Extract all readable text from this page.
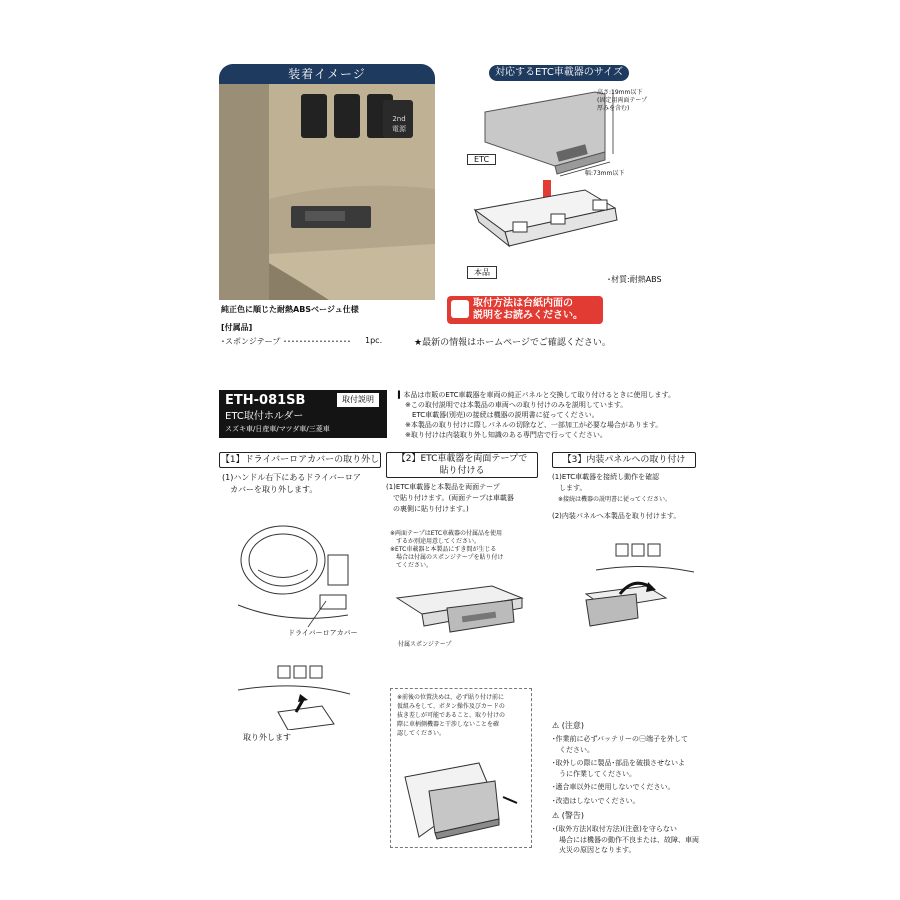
装着イメージ
2nd
電源
純正色に順じた耐熱ABSベージュ仕様
[付属品]
･スポンジテープ ･････････････････ 1pc.
対応するETC車載器のサイズ
高さ:19mm以下
(固定用両面テープ
厚みを含む)
幅:73mm以下
ETC
本品
･材質:耐熱ABS
取付方法は台紙内面の
説明をお読みください。
★最新の情報はホームページでご確認ください。
ETH-081SB	取付説明
ETC取付ホルダー
スズキ車/日産車/マツダ車/三菱車
▍本品は市販のETC車載器を車両の純正パネルと交換して取り付けるときに使用します。
　※この取付説明では本製品の車両への取り付けのみを説明しています。
　　ETC車載器(別売)の接続は機器の説明書に従ってください。
　※本製品の取り付けに際しパネルの切除など、一部加工が必要な場合があります。
　※取り付けは内装取り外し知識のある専門店で行ってください。
【1】ドライバーロアカバーの取り外し
(1)ハンドル右下にあるドライバーロア
　カバーを取り外します。
ドライバーロアカバー
取り外します
【2】ETC車載器を両面テープで
貼り付ける
(1)ETC車載器と本製品を両面テープ
　で貼り付けます。(両面テープは車載器
　の裏側に貼り付けます。)
※両面テープはETC車載器の付属品を使用
　するか別途用意してください。
※ETC車載器と本製品にすき間が生じる
　場合は付属のスポンジテープを貼り付け
　てください。
付属スポンジテープ
※前後の位置決めは、必ず貼り付け前に
仮組みをして、ボタン操作及びカードの
抜き差しが可能であること、取り付けの
際に車柄側機器と干渉しないことを確
認してください。
【3】内装パネルへの取り付け
(1)ETC車載器を接続し動作を確認
　します。
　※接続は機器の説明書に従ってください。
(2)内装パネルへ本製品を取り付けます。
⚠ (注意)
･作業前に必ずバッテリーの㊀端子を外して
　ください。
･取外しの際に製品･部品を破損させないよ
　うに作業してください。
･適合車以外に使用しないでください。
･改造はしないでください。
⚠ (警告)
･(取外方法)(取付方法)(注意)を守らない
　場合には機器の動作不良または、故障、車両
　火災の原因となります。
